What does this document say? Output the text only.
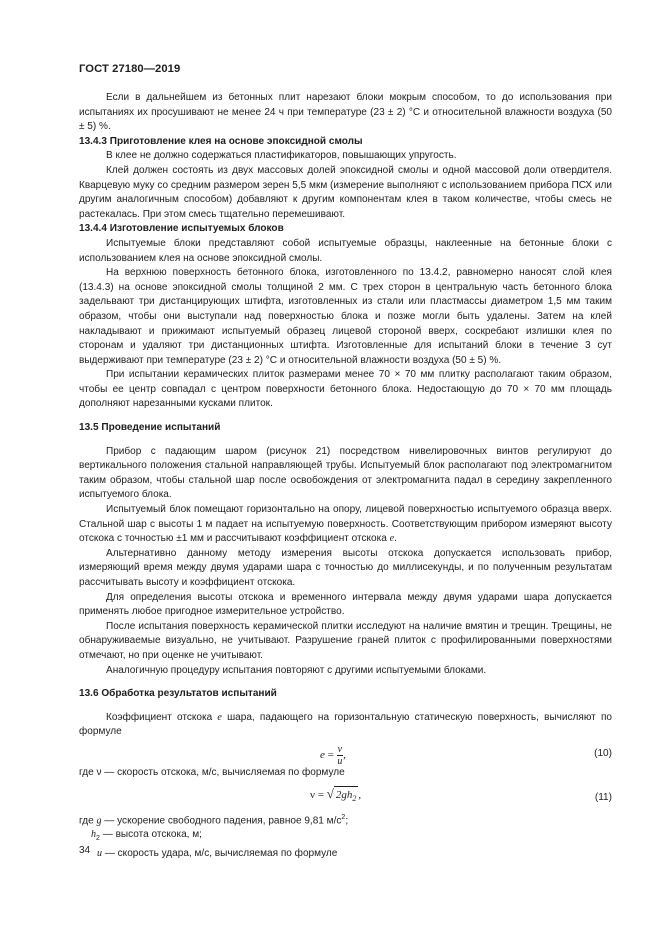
ГОСТ 27180—2019

Если в дальнейшем из бетонных плит нарезают блоки мокрым способом, то до использования при испытаниях их просушивают не менее 24 ч при температуре (23 ± 2) °С и относительной влажности воздуха (50 ± 5) %.

13.4.3 Приготовление клея на основе эпоксидной смолы

В клее не должно содержаться пластификаторов, повышающих упругость.

Клей должен состоять из двух массовых долей эпоксидной смолы и одной массовой доли отвердителя. Кварцевую муку со средним размером зерен 5,5 мкм (измерение выполняют с использованием прибора ПСХ или другим аналогичным способом) добавляют к другим компонентам клея в таком количестве, чтобы смесь не растекалась. При этом смесь тщательно перемешивают.

13.4.4 Изготовление испытуемых блоков

Испытуемые блоки представляют собой испытуемые образцы, наклеенные на бетонные блоки с использованием клея на основе эпоксидной смолы.

На верхнюю поверхность бетонного блока, изготовленного по 13.4.2, равномерно наносят слой клея (13.4.3) на основе эпоксидной смолы толщиной 2 мм. С трех сторон в центральную часть бетонного блока задельвают три дистанцирующих штифта, изготовленных из стали или пластмассы диаметром 1,5 мм таким образом, чтобы они выступали над поверхностью блока и позже могли быть удалены. Затем на клей накладывают и прижимают испытуемый образец лицевой стороной вверх, соскребают излишки клея по сторонам и удаляют три дистанционных штифта. Изготовленные для испытаний блоки в течение 3 сут выдерживают при температуре (23 ± 2) °С и относительной влажности воздуха (50 ± 5) %.

При испытании керамических плиток размерами менее 70 × 70 мм плитку располагают таким образом, чтобы ее центр совпадал с центром поверхности бетонного блока. Недостающую до 70 × 70 мм площадь дополняют нарезанными кусками плиток.

13.5 Проведение испытаний

Прибор с падающим шаром (рисунок 21) посредством нивелировочных винтов регулируют до вертикального положения стальной направляющей трубы. Испытуемый блок располагают под электромагнитом таким образом, чтобы стальной шар после освобождения от электромагнита падал в середину закрепленного испытуемого блока.

Испытуемый блок помещают горизонтально на опору, лицевой поверхностью испытуемого образца вверх. Стальной шар с высоты 1 м падает на испытуемую поверхность. Соответствующим прибором измеряют высоту отскока с точностью ±1 мм и рассчитывают коэффициент отскока e.

Альтернативно данному методу измерения высоты отскока допускается использовать прибор, измеряющий время между двумя ударами шара с точностью до миллисекунды, и по полученным результатам рассчитывать высоту и коэффициент отскока.

Для определения высоты отскока и временного интервала между двумя ударами шара допускается применять любое пригодное измерительное устройство.

После испытания поверхность керамической плитки исследуют на наличие вмятин и трещин. Трещины, не обнаруживаемые визуально, не учитывают. Разрушение граней плиток с профилированными поверхностями отмечают, но при оценке не учитывают.

Аналогичную процедуру испытания повторяют с другими испытуемыми блоками.

13.6 Обработка результатов испытаний

Коэффициент отскока e шара, падающего на горизонтальную статическую поверхность, вычисляют по формуле

$e = \frac{\nu}{u}$ ,	(10)

где ν — скорость отскока, м/с, вычисляемая по формуле

ν = √ $2gh_2$ ,	(11)

где g — ускорение свободного падения, равное 9,81 $м/с^2$;

$h_2$ — высота отскока, м;

u — скорость удара, м/с, вычисляемая по формуле

34
